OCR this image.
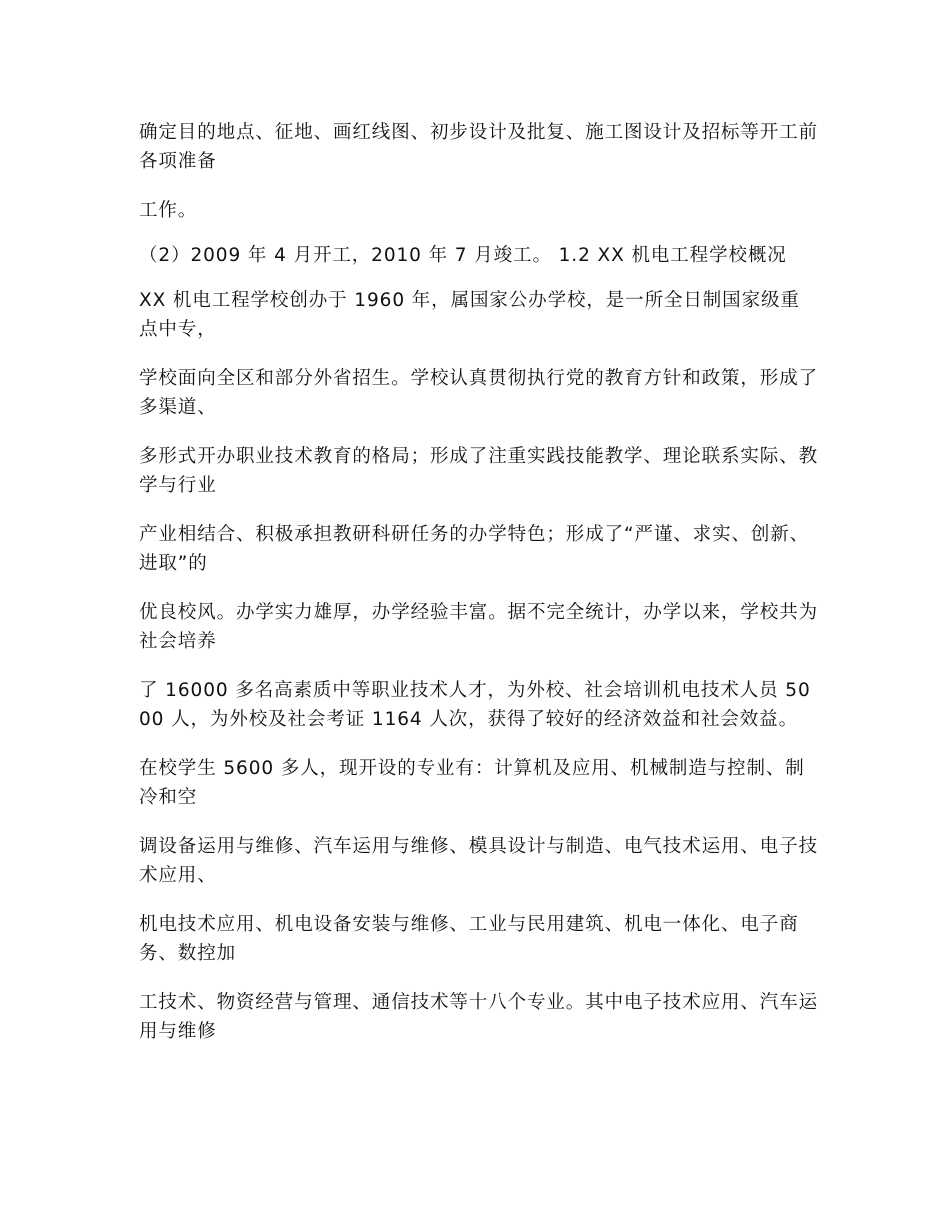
确定目的地点、征地、画红线图、初步设计及批复、施工图设计及招标等开工前各项准备

工作。

（2）2009 年 4 月开工，2010 年 7 月竣工。 1.2 XX 机电工程学校概况

XX 机电工程学校创办于 1960 年，属国家公办学校，是一所全日制国家级重点中专，

学校面向全区和部分外省招生。学校认真贯彻执行党的教育方针和政策，形成了多渠道、

多形式开办职业技术教育的格局；形成了注重实践技能教学、理论联系实际、教学与行业

产业相结合、积极承担教研科研任务的办学特色；形成了“严谨、求实、创新、进取”的

优良校风。办学实力雄厚，办学经验丰富。据不完全统计，办学以来，学校共为社会培养

了 16000 多名高素质中等职业技术人才，为外校、社会培训机电技术人员 5000 人，为外校及社会考证 1164 人次，获得了较好的经济效益和社会效益。

在校学生 5600 多人，现开设的专业有：计算机及应用、机械制造与控制、制冷和空

调设备运用与维修、汽车运用与维修、模具设计与制造、电气技术运用、电子技术应用、

机电技术应用、机电设备安装与维修、工业与民用建筑、机电一体化、电子商务、数控加

工技术、物资经营与管理、通信技术等十八个专业。其中电子技术应用、汽车运用与维修
